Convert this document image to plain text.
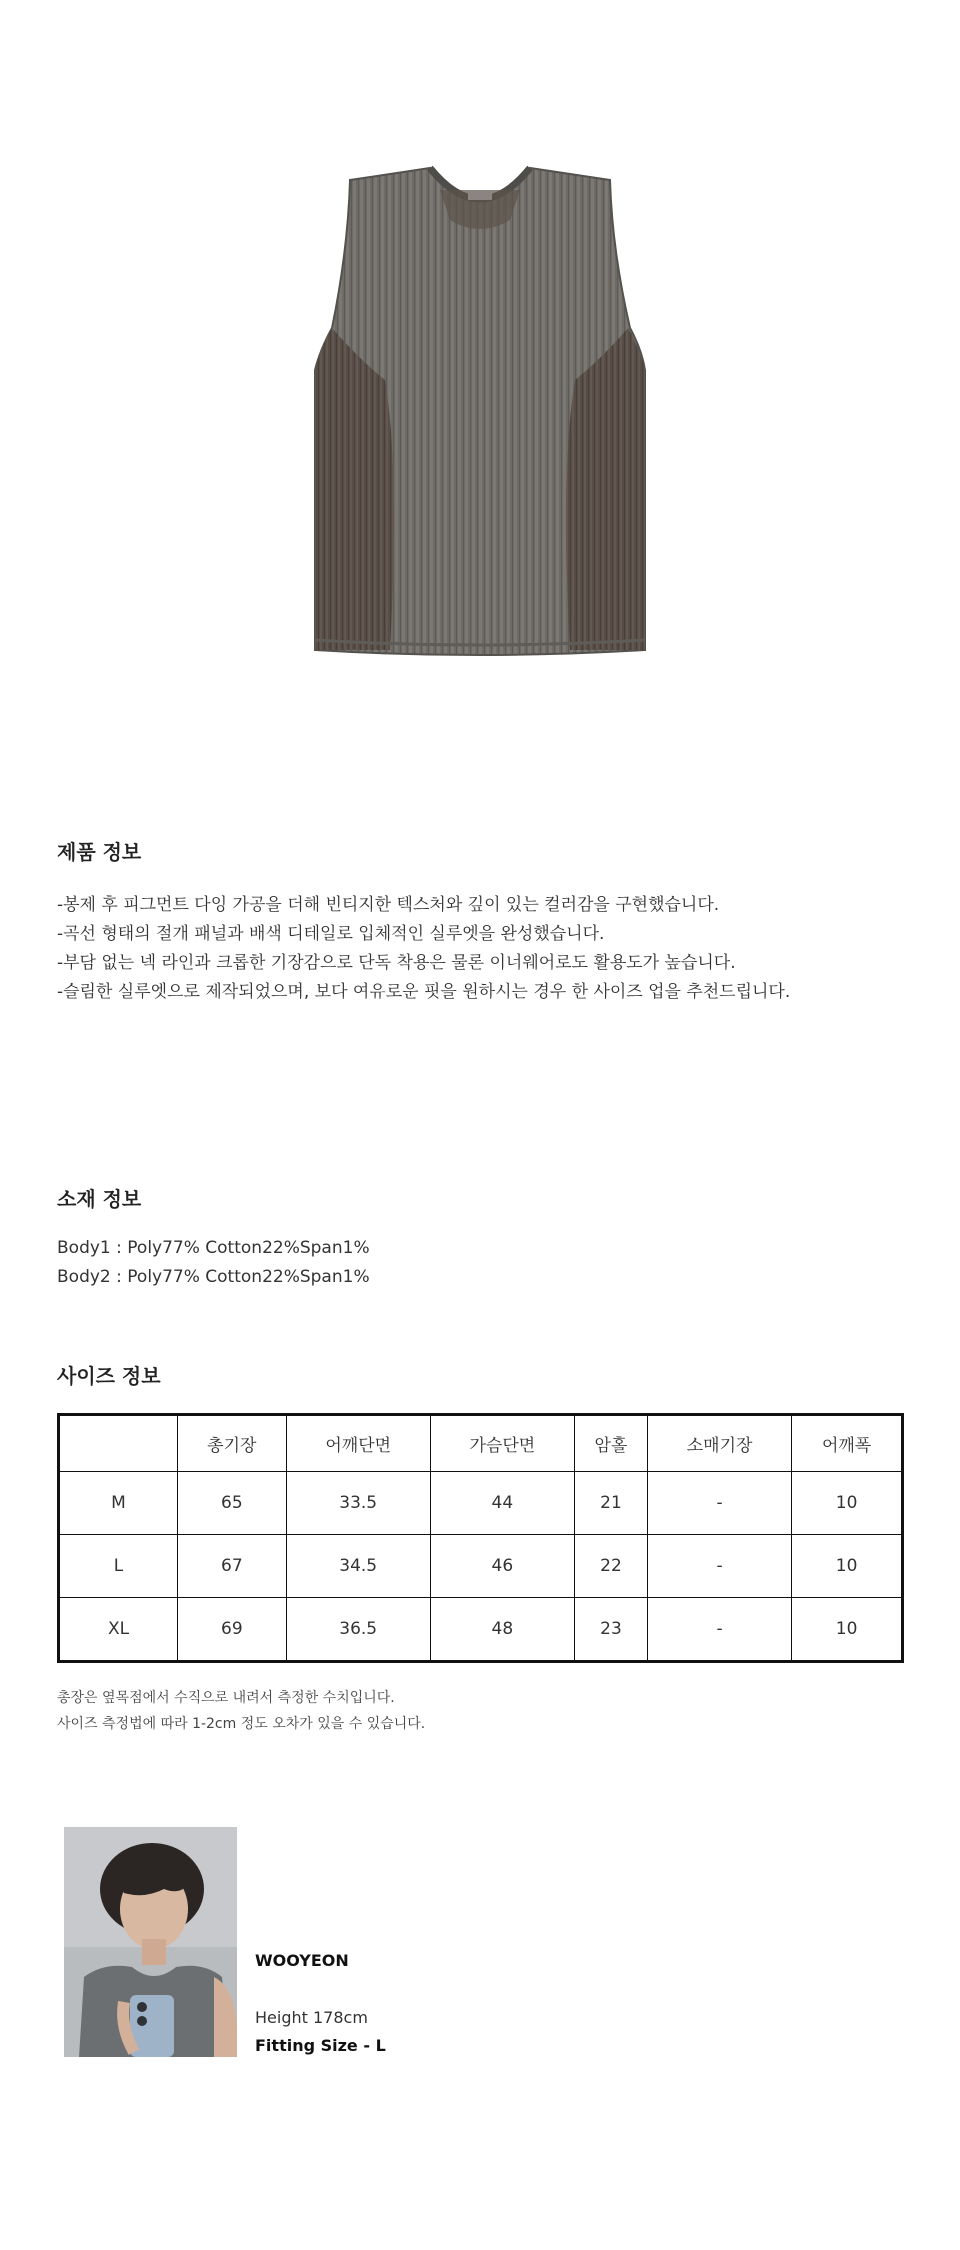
제품 정보

-봉제 후 피그먼트 다잉 가공을 더해 빈티지한 텍스처와 깊이 있는 컬러감을 구현했습니다.

-곡선 형태의 절개 패널과 배색 디테일로 입체적인 실루엣을 완성했습니다.

-부담 없는 넥 라인과 크롭한 기장감으로 단독 착용은 물론 이너웨어로도 활용도가 높습니다.

-슬림한 실루엣으로 제작되었으며, 보다 여유로운 핏을 원하시는 경우 한 사이즈 업을 추천드립니다.

소재 정보

Body1 : Poly77% Cotton22%Span1%

Body2 : Poly77% Cotton22%Span1%

사이즈 정보
	총기장	어깨단면	가슴단면	암홀	소매기장	어깨폭
M	65	33.5	44	21	-	10
L	67	34.5	46	22	-	10
XL	69	36.5	48	23	-	10

총장은 옆목점에서 수직으로 내려서 측정한 수치입니다.

사이즈 측정법에 따라 1-2cm 정도 오차가 있을 수 있습니다.

WOOYEON
Height 178cm
Fitting Size - L
